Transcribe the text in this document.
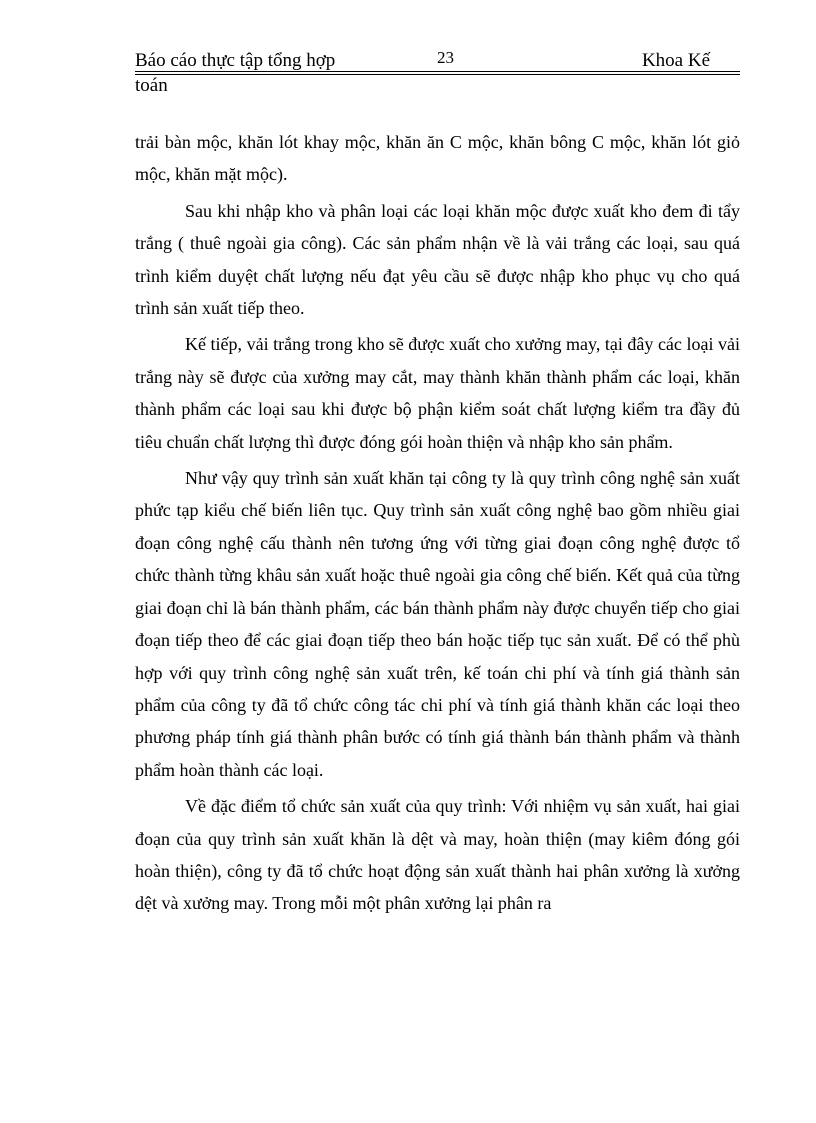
Báo cáo thực tập tổng hợp	23	Khoa Kế
toán

trải bàn mộc, khăn lót khay mộc, khăn ăn C mộc, khăn bông C mộc, khăn lót giỏ mộc, khăn mặt mộc).

Sau khi nhập kho và phân loại các loại khăn mộc được xuất kho đem đi tẩy trắng ( thuê ngoài gia công). Các sản phẩm nhận về là vải trắng các loại, sau quá trình kiểm duyệt chất lượng nếu đạt yêu cầu sẽ được nhập kho phục vụ cho quá trình sản xuất tiếp theo.

Kế tiếp, vải trắng trong kho sẽ được xuất cho xưởng may, tại đây các loại vải trắng này sẽ được của xưởng may cắt, may thành khăn thành phẩm các loại, khăn thành phẩm các loại sau khi được bộ phận kiểm soát chất lượng kiểm tra đầy đủ tiêu chuẩn chất lượng thì được đóng gói hoàn thiện và nhập kho sản phẩm.

Như vậy quy trình sản xuất khăn tại công ty là quy trình công nghệ sản xuất phức tạp kiểu chế biến liên tục. Quy trình sản xuất công nghệ bao gồm nhiều giai đoạn công nghệ cấu thành nên tương ứng với từng giai đoạn công nghệ được tổ chức thành từng khâu sản xuất hoặc thuê ngoài gia công chế biến. Kết quả của từng giai đoạn chỉ là bán thành phẩm, các bán thành phẩm này được chuyển tiếp cho giai đoạn tiếp theo để các giai đoạn tiếp theo bán hoặc tiếp tục sản xuất. Để có thể phù hợp với quy trình công nghệ sản xuất trên, kế toán chi phí và tính giá thành sản phẩm của công ty đã tổ chức công tác chi phí và tính giá thành khăn các loại theo phương pháp tính giá thành phân bước có tính giá thành bán thành phẩm và thành phẩm hoàn thành các loại.

Về đặc điểm tổ chức sản xuất của quy trình: Với nhiệm vụ sản xuất, hai giai đoạn của quy trình sản xuất khăn là dệt và may, hoàn thiện (may kiêm đóng gói hoàn thiện), công ty đã tổ chức hoạt động sản xuất thành hai phân xưởng là xưởng dệt và xưởng may. Trong mỗi một phân xưởng lại phân ra
